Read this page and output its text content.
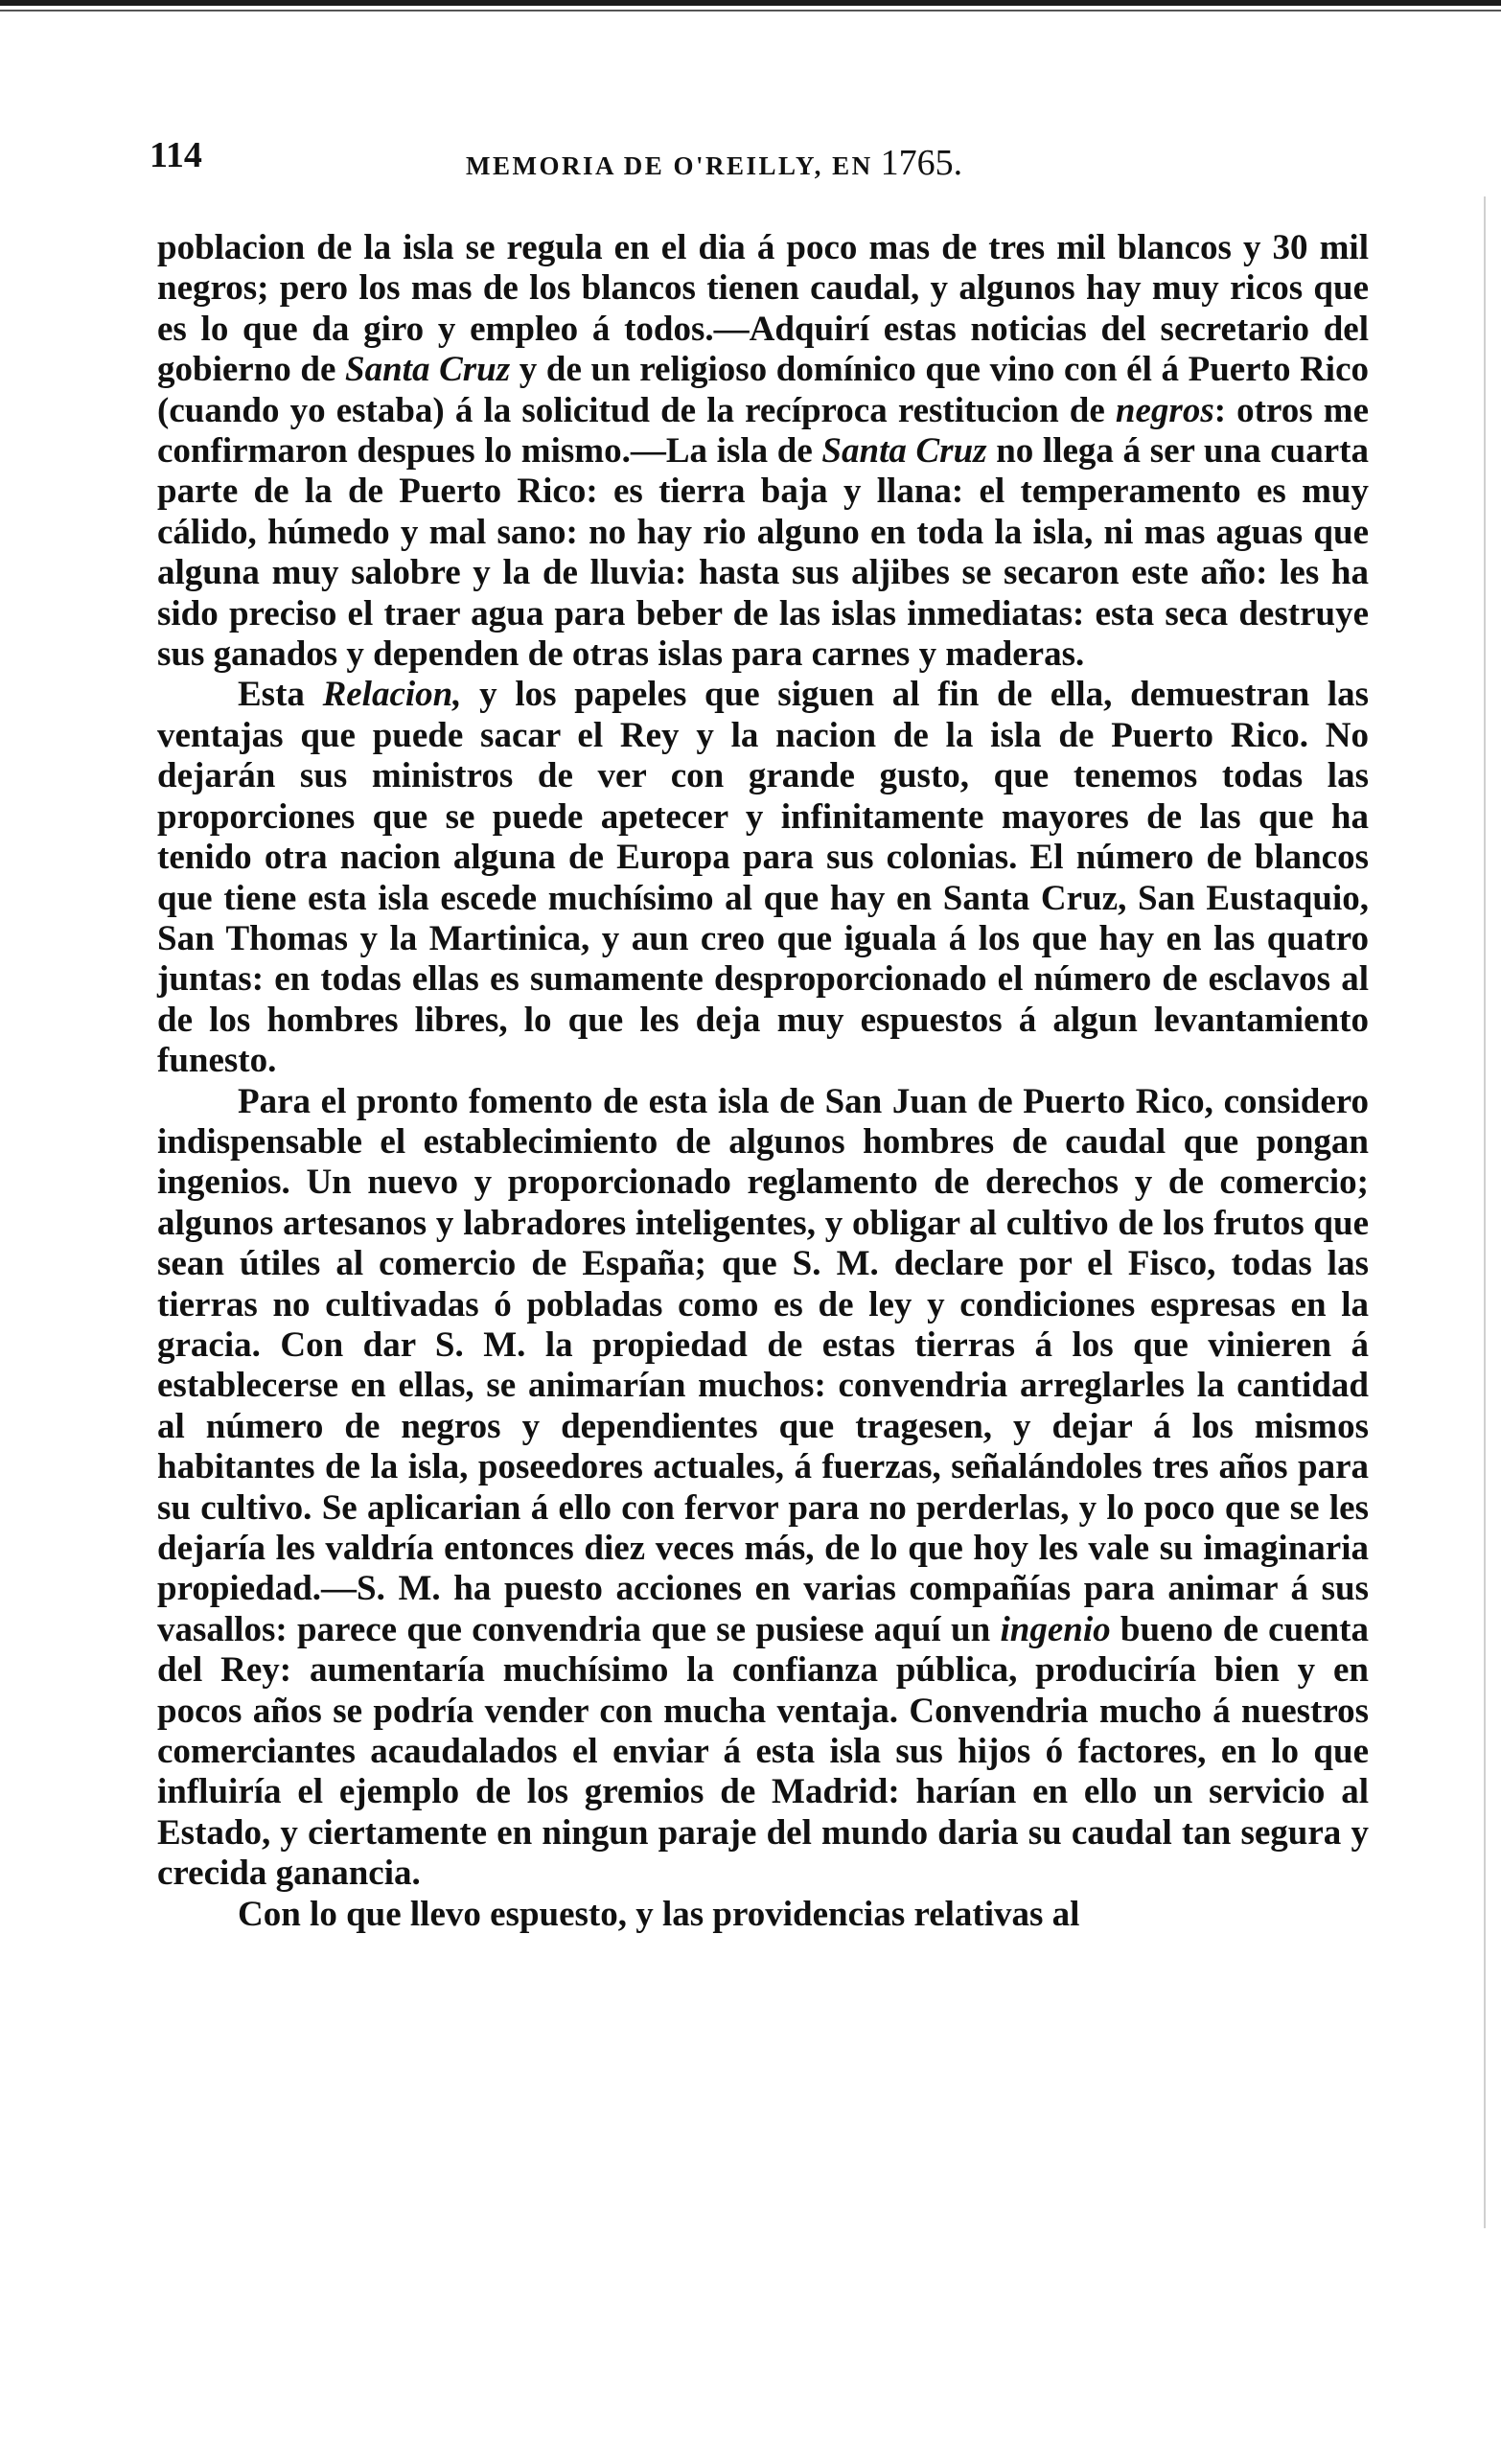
114	MEMORIA DE O'REILLY, EN 1765.

poblacion de la isla se regula en el dia á poco mas de tres mil blancos y 30 mil negros; pero los mas de los blancos tienen caudal, y algunos hay muy ricos que es lo que da giro y empleo á todos.—Adquirí estas noticias del secretario del gobierno de Santa Cruz y de un religioso domínico que vino con él á Puerto Rico (cuando yo estaba) á la solicitud de la recíproca restitucion de negros: otros me confirmaron despues lo mismo.—La isla de Santa Cruz no llega á ser una cuarta parte de la de Puerto Rico: es tierra baja y llana: el temperamento es muy cálido, húmedo y mal sano: no hay rio alguno en toda la isla, ni mas aguas que alguna muy salobre y la de lluvia: hasta sus aljibes se secaron este año: les ha sido preciso el traer agua para beber de las islas inmediatas: esta seca destruye sus ganados y dependen de otras islas para carnes y maderas.

Esta Relacion, y los papeles que siguen al fin de ella, demuestran las ventajas que puede sacar el Rey y la nacion de la isla de Puerto Rico. No dejarán sus ministros de ver con grande gusto, que tenemos todas las proporciones que se puede apetecer y infinitamente mayores de las que ha tenido otra nacion alguna de Europa para sus colonias. El número de blancos que tiene esta isla escede muchísimo al que hay en Santa Cruz, San Eustaquio, San Thomas y la Martinica, y aun creo que iguala á los que hay en las quatro juntas: en todas ellas es sumamente desproporcionado el número de esclavos al de los hombres libres, lo que les deja muy espuestos á algun levantamiento funesto.

Para el pronto fomento de esta isla de San Juan de Puerto Rico, considero indispensable el establecimiento de algunos hombres de caudal que pongan ingenios. Un nuevo y proporcionado reglamento de derechos y de comercio; algunos artesanos y labradores inteligentes, y obligar al cultivo de los frutos que sean útiles al comercio de España; que S. M. declare por el Fisco, todas las tierras no cultivadas ó pobladas como es de ley y condiciones espresas en la gracia. Con dar S. M. la propiedad de estas tierras á los que vinieren á establecerse en ellas, se animarían muchos: convendria arreglarles la cantidad al número de negros y dependientes que tragesen, y dejar á los mismos habitantes de la isla, poseedores actuales, á fuerzas, señalándoles tres años para su cultivo. Se aplicarian á ello con fervor para no perderlas, y lo poco que se les dejaría les valdría entonces diez veces más, de lo que hoy les vale su imaginaria propiedad.—S. M. ha puesto acciones en varias compañías para animar á sus vasallos: parece que convendria que se pusiese aquí un ingenio bueno de cuenta del Rey: aumentaría muchísimo la confianza pública, produciría bien y en pocos años se podría vender con mucha ventaja. Convendria mucho á nuestros comerciantes acaudalados el enviar á esta isla sus hijos ó factores, en lo que influiría el ejemplo de los gremios de Madrid: harían en ello un servicio al Estado, y ciertamente en ningun paraje del mundo daria su caudal tan segura y crecida ganancia.

Con lo que llevo espuesto, y las providencias relativas al
